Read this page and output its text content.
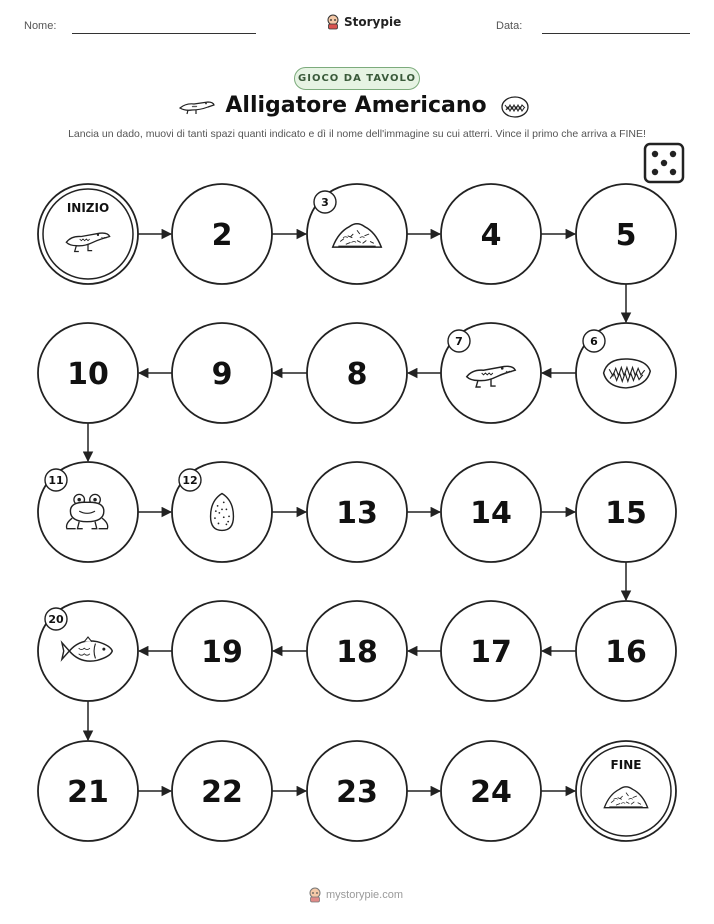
Nome:	Storypie	Data:
GIOCO DA TAVOLO
Alligatore Americano
Lancia un dado, muovi di tanti spazi quanti indicato e dì il nome dell'immagine su cui atterri. Vince il primo che arriva a FINE!
INIZIO
2
3
4	5
6
7
8
9
10
11	12
13	14	15
16
17
18
19
20
21	22	23	24
FINE
mystorypie.com
